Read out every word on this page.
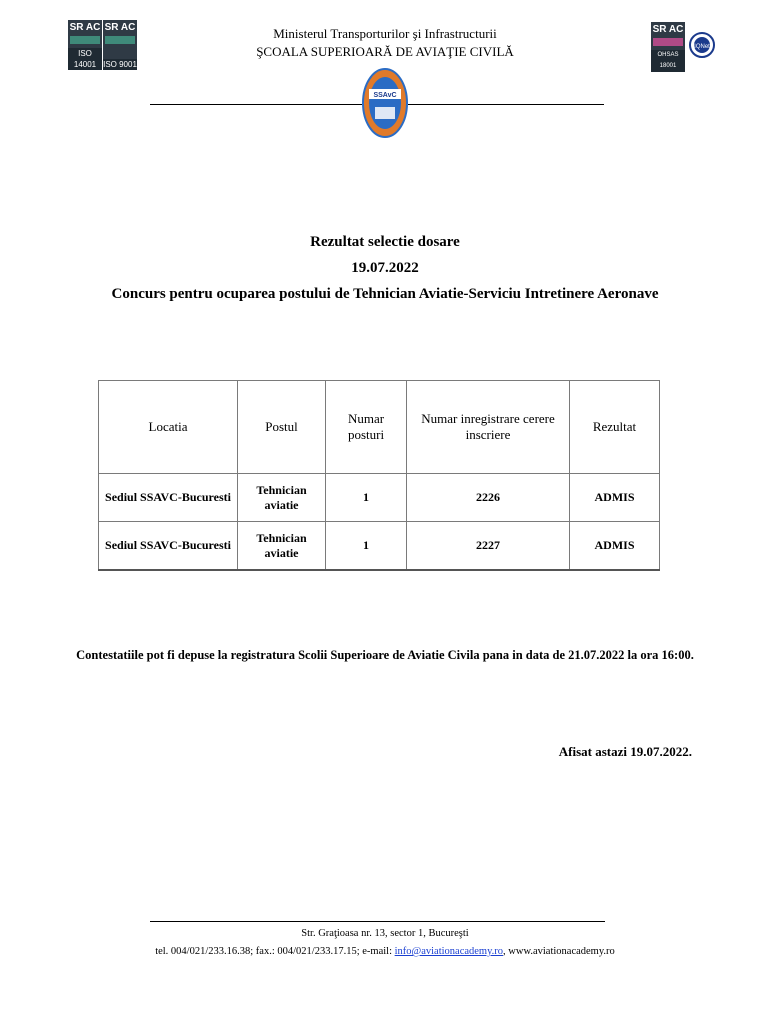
SR AC
ISO 14001
SR AC
ISO 9001
SR AC
OHSAS 18001
IQNet
Ministerul Transporturilor şi Infrastructurii
ŞCOALA SUPERIOARĂ DE AVIAŢIE CIVILĂ
SSAvC
Rezultat selectie dosare
19.07.2022
Concurs pentru ocuparea postului de Tehnician Aviatie-Serviciu Intretinere Aeronave
Locatia	Postul	Numar posturi	Numar inregistrare cerere inscriere	Rezultat
Sediul SSAVC-Bucuresti	Tehnician aviatie	1	2226	ADMIS
Sediul SSAVC-Bucuresti	Tehnician aviatie	1	2227	ADMIS
Contestatiile pot fi depuse la registratura Scolii Superioare de Aviatie Civila pana in data de 21.07.2022 la ora 16:00.
Afisat astazi 19.07.2022.
Str. Graţioasa nr. 13, sector 1, Bucureşti
tel. 004/021/233.16.38; fax.: 004/021/233.17.15; e-mail: info@aviationacademy.ro, www.aviationacademy.ro
